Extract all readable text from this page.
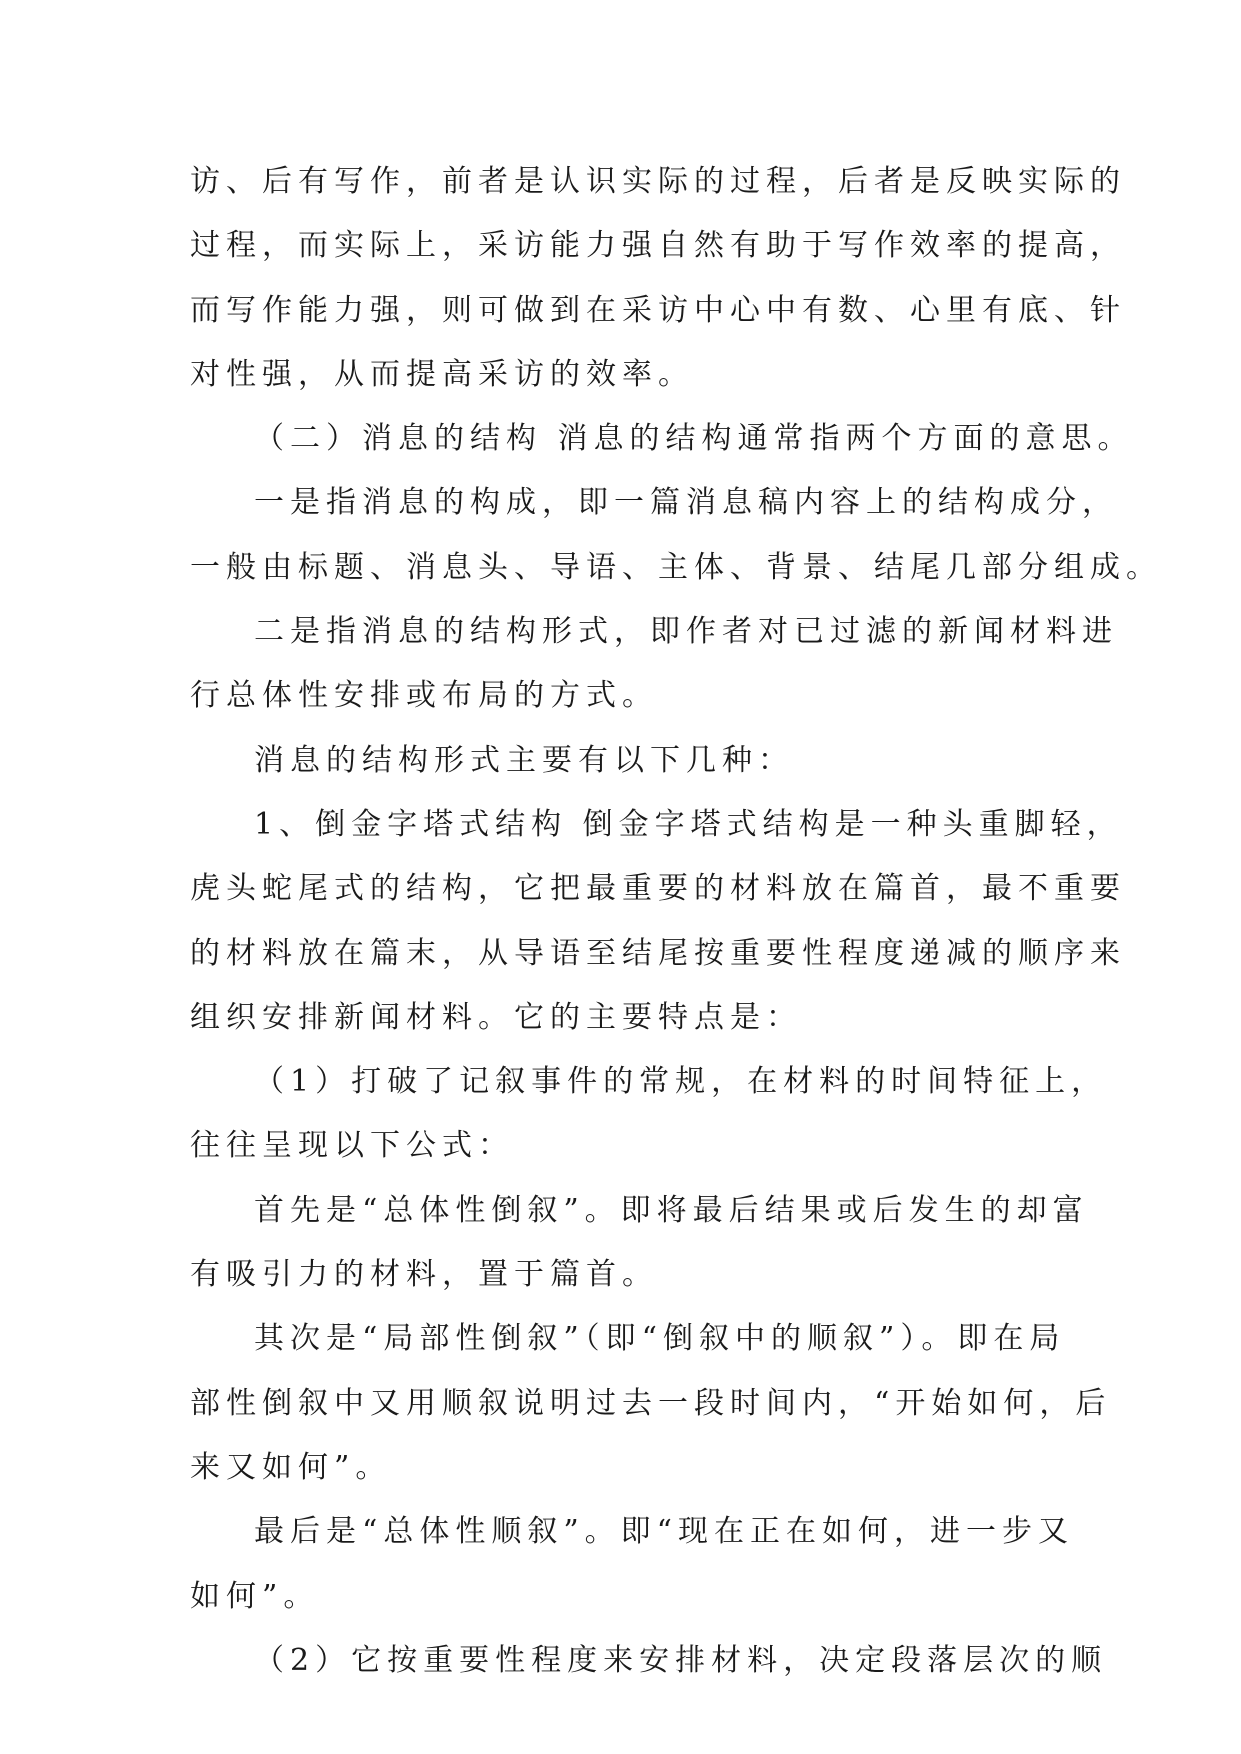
访、后有写作，前者是认识实际的过程，后者是反映实际的
过程，而实际上，采访能力强自然有助于写作效率的提高，
而写作能力强，则可做到在采访中心中有数、心里有底、针
对性强，从而提高采访的效率。
（二）消息的结构 消息的结构通常指两个方面的意思。
一是指消息的构成，即一篇消息稿内容上的结构成分，
一般由标题、消息头、导语、主体、背景、结尾几部分组成。
二是指消息的结构形式，即作者对已过滤的新闻材料进
行总体性安排或布局的方式。
消息的结构形式主要有以下几种：
1、倒金字塔式结构 倒金字塔式结构是一种头重脚轻，
虎头蛇尾式的结构，它把最重要的材料放在篇首，最不重要
的材料放在篇末，从导语至结尾按重要性程度递减的顺序来
组织安排新闻材料。它的主要特点是：
（1）打破了记叙事件的常规，在材料的时间特征上，
往往呈现以下公式：
首先是“总体性倒叙”。即将最后结果或后发生的却富
有吸引力的材料，置于篇首。
其次是“局部性倒叙”（即“倒叙中的顺叙”）。即在局
部性倒叙中又用顺叙说明过去一段时间内，“开始如何，后
来又如何”。
最后是“总体性顺叙”。即“现在正在如何，进一步又
如何”。
（2）它按重要性程度来安排材料，决定段落层次的顺
